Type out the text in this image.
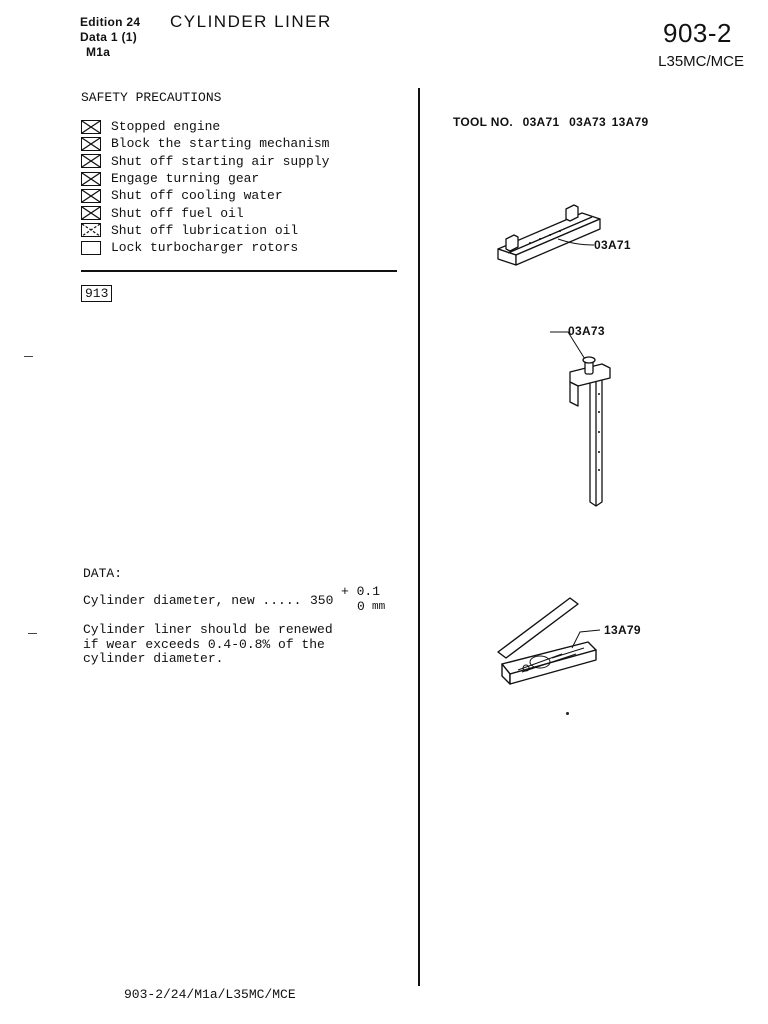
Edition 24
Data 1 (1)
M1a
CYLINDER LINER	903-2
L35MC/MCE
SAFETY PRECAUTIONS
Stopped engine
Block the starting mechanism
Shut off starting air supply
Engage turning gear
Shut off cooling water
Shut off fuel oil
Shut off lubrication oil
Lock turbocharger rotors
913
DATA:
Cylinder diameter, new ..... 350
+ 0.1
0 mm
Cylinder liner should be renewed
if wear exceeds 0.4-0.8% of the
cylinder diameter.
TOOL NO. 03A71 03A73 13A79
03A71
03A73
13A79
903-2/24/M1a/L35MC/MCE
